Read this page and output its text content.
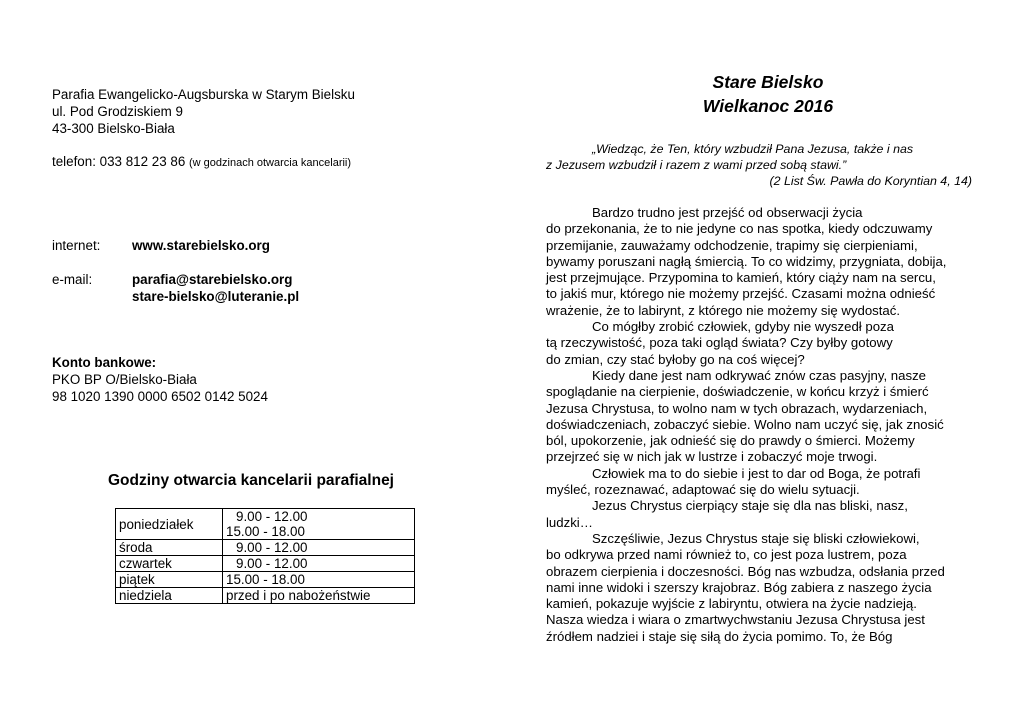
Parafia Ewangelicko-Augsburska w Starym Bielsku
ul. Pod Grodziskiem 9
43-300 Bielsko-Biała
telefon: 033 812 23 86 (w godzinach otwarcia kancelarii)
internet:	www.starebielsko.org
e-mail:	parafia@starebielsko.org
stare-bielsko@luteranie.pl
Konto bankowe:
PKO BP O/Bielsko-Biała
98 1020 1390 0000 6502 0142 5024
Godziny otwarcia kancelarii parafialnej
poniedziałek	9.00 - 12.00
15.00 - 18.00

środa	9.00 - 12.00

czwartek	9.00 - 12.00

piątek	15.00 - 18.00

niedziela	przed i po nabożeństwie
Stare Bielsko
Wielkanoc 2016
„Wiedząc, że Ten, który wzbudził Pana Jezusa, także i nas
z Jezusem wzbudził i razem z wami przed sobą stawi.”
(2 List Św. Pawła do Koryntian 4, 14)

Bardzo trudno jest przejść od obserwacji życia

do przekonania, że to nie jedyne co nas spotka, kiedy odczuwamy

przemijanie, zauważamy odchodzenie, trapimy się cierpieniami,

bywamy poruszani nagłą śmiercią. To co widzimy, przygniata, dobija,

jest przejmujące. Przypomina to kamień, który ciąży nam na sercu,

to jakiś mur, którego nie możemy przejść. Czasami można odnieść

wrażenie, że to labirynt, z którego nie możemy się wydostać.

Co mógłby zrobić człowiek, gdyby nie wyszedł poza

tą rzeczywistość, poza taki ogląd świata? Czy byłby gotowy

do zmian, czy stać byłoby go na coś więcej?

Kiedy dane jest nam odkrywać znów czas pasyjny, nasze

spoglądanie na cierpienie, doświadczenie, w końcu krzyż i śmierć

Jezusa Chrystusa, to wolno nam w tych obrazach, wydarzeniach,

doświadczeniach, zobaczyć siebie. Wolno nam uczyć się, jak znosić

ból, upokorzenie, jak odnieść się do prawdy o śmierci. Możemy

przejrzeć się w nich jak w lustrze i zobaczyć moje trwogi.

Człowiek ma to do siebie i jest to dar od Boga, że potrafi

myśleć, rozeznawać, adaptować się do wielu sytuacji.

Jezus Chrystus cierpiący staje się dla nas bliski, nasz,

ludzki…

Szczęśliwie, Jezus Chrystus staje się bliski człowiekowi,

bo odkrywa przed nami również to, co jest poza lustrem, poza

obrazem cierpienia i doczesności. Bóg nas wzbudza, odsłania przed

nami inne widoki i szerszy krajobraz. Bóg zabiera z naszego życia

kamień, pokazuje wyjście z labiryntu, otwiera na życie nadzieją.

Nasza wiedza i wiara o zmartwychwstaniu Jezusa Chrystusa jest

źródłem nadziei i staje się siłą do życia pomimo. To, że Bóg
